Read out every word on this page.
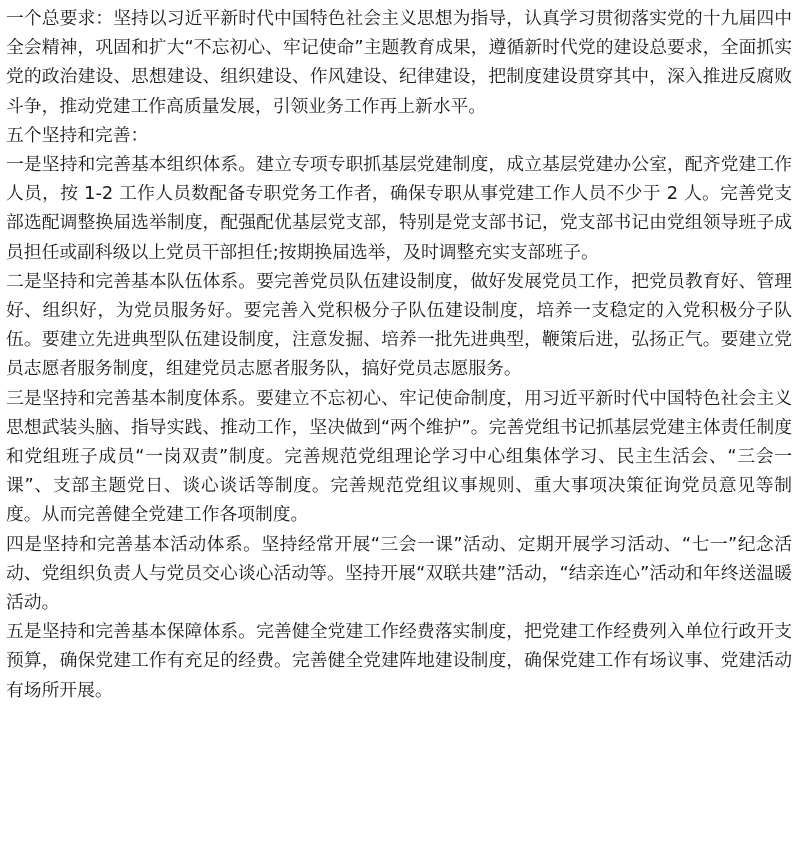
一个总要求：坚持以习近平新时代中国特色社会主义思想为指导，认真学习贯彻落实党的十九届四中全会精神，巩固和扩大“不忘初心、牢记使命”主题教育成果，遵循新时代党的建设总要求，全面抓实党的政治建设、思想建设、组织建设、作风建设、纪律建设，把制度建设贯穿其中，深入推进反腐败斗争，推动党建工作高质量发展，引领业务工作再上新水平。

五个坚持和完善：

一是坚持和完善基本组织体系。建立专项专职抓基层党建制度，成立基层党建办公室，配齐党建工作人员，按 1-2 工作人员数配备专职党务工作者，确保专职从事党建工作人员不少于 2 人。完善党支部选配调整换届选举制度，配强配优基层党支部，特别是党支部书记，党支部书记由党组领导班子成员担任或副科级以上党员干部担任;按期换届选举，及时调整充实支部班子。

二是坚持和完善基本队伍体系。要完善党员队伍建设制度，做好发展党员工作，把党员教育好、管理好、组织好，为党员服务好。要完善入党积极分子队伍建设制度，培养一支稳定的入党积极分子队伍。要建立先进典型队伍建设制度，注意发掘、培养一批先进典型，鞭策后进，弘扬正气。要建立党员志愿者服务制度，组建党员志愿者服务队，搞好党员志愿服务。

三是坚持和完善基本制度体系。要建立不忘初心、牢记使命制度，用习近平新时代中国特色社会主义思想武装头脑、指导实践、推动工作，坚决做到“两个维护”。完善党组书记抓基层党建主体责任制度和党组班子成员“一岗双责”制度。完善规范党组理论学习中心组集体学习、民主生活会、“三会一课”、支部主题党日、谈心谈话等制度。完善规范党组议事规则、重大事项决策征询党员意见等制度。从而完善健全党建工作各项制度。

四是坚持和完善基本活动体系。坚持经常开展“三会一课”活动、定期开展学习活动、“七一”纪念活动、党组织负责人与党员交心谈心活动等。坚持开展“双联共建”活动，“结亲连心”活动和年终送温暖活动。

五是坚持和完善基本保障体系。完善健全党建工作经费落实制度，把党建工作经费列入单位行政开支预算，确保党建工作有充足的经费。完善健全党建阵地建设制度，确保党建工作有场议事、党建活动有场所开展。
